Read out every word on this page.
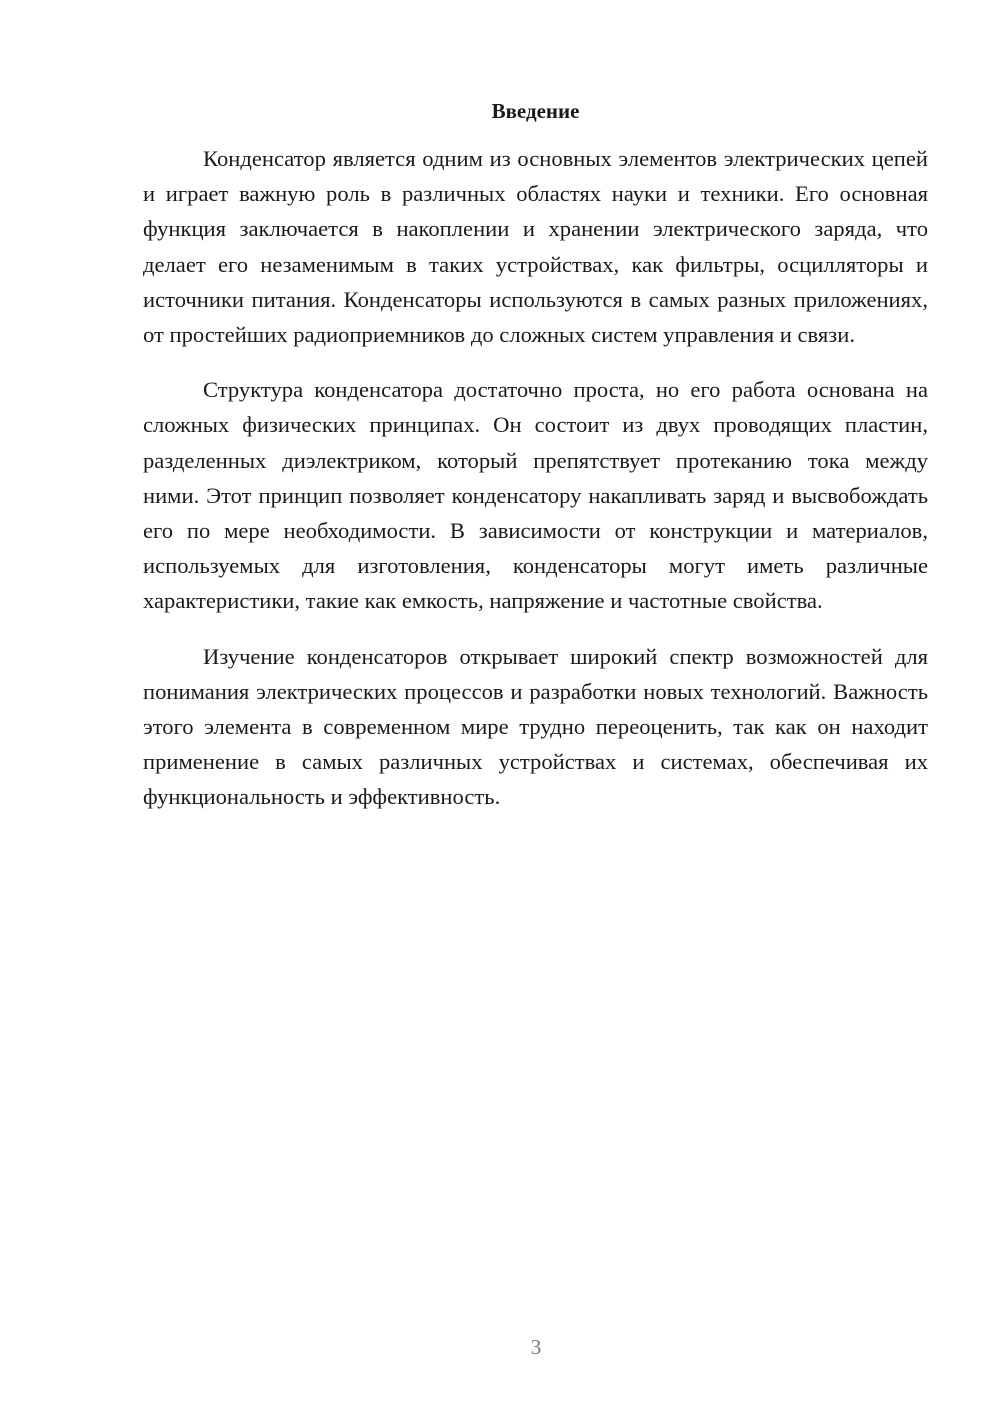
Введение

Конденсатор является одним из основных элементов электрических цепей и играет важную роль в различных областях науки и техники. Его основная функция заключается в накоплении и хранении электрического заряда, что делает его незаменимым в таких устройствах, как фильтры, осцилляторы и источники питания. Конденсаторы используются в самых разных приложениях, от простейших радиоприемников до сложных систем управления и связи.

Структура конденсатора достаточно проста, но его работа основана на сложных физических принципах. Он состоит из двух проводящих пластин, разделенных диэлектриком, который препятствует протеканию тока между ними. Этот принцип позволяет конденсатору накапливать заряд и высвобождать его по мере необходимости. В зависимости от конструкции и материалов, используемых для изготовления, конденсаторы могут иметь различные характеристики, такие как емкость, напряжение и частотные свойства.

Изучение конденсаторов открывает широкий спектр возможностей для понимания электрических процессов и разработки новых технологий. Важность этого элемента в современном мире трудно переоценить, так как он находит применение в самых различных устройствах и системах, обеспечивая их функциональность и эффективность.

3
